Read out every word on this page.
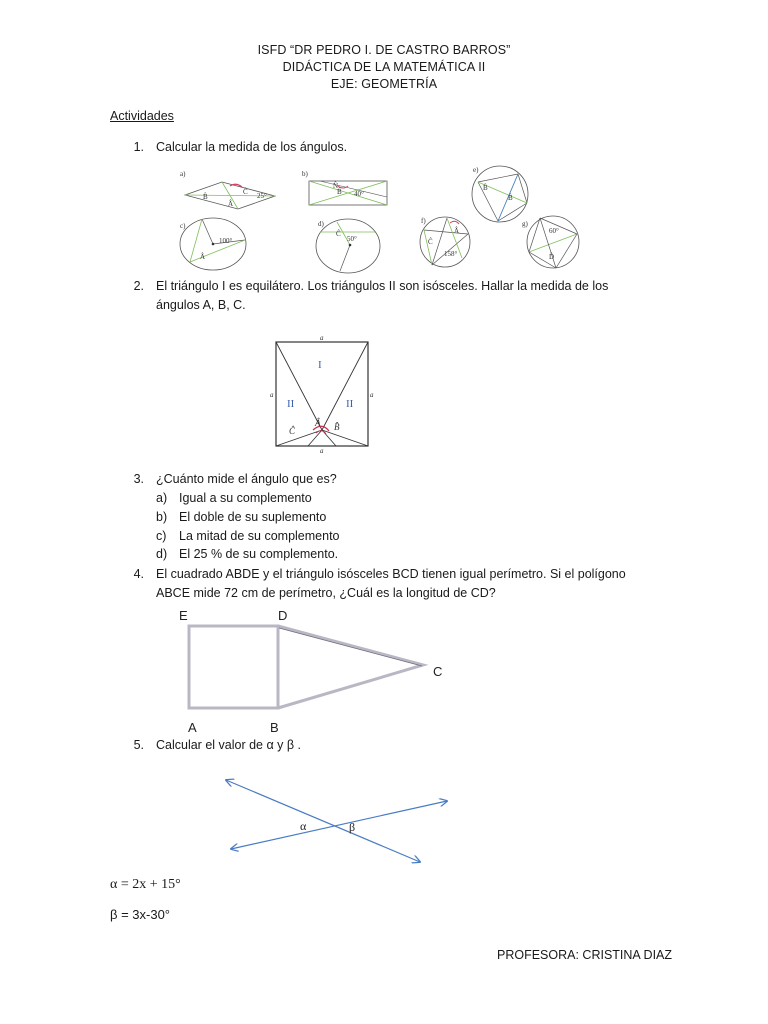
ISFD “DR PEDRO I. DE CASTRO BARROS”
DIDÁCTICA DE LA MATEMÁTICA II
EJE: GEOMETRÍA
Actividades
1. Calcular la medida de los ángulos.
a)
B̂
Â
Ĉ 25°
b)
N̂
B̂ 40°
c)
100°
Â
d)
50°
Ĉ
e)
B̂
B̂
f)
Ĉ
Â
158°
g)
60°
D̂
2. El triángulo I es equilátero. Los triángulos II son isósceles. Hallar la medida de los
ángulos A, B, C.
a
a	a
a
I
II	II
Â B̂
Ĉ
3. ¿Cuánto mide el ángulo que es?
a) Igual a su complemento
b) El doble de su suplemento
c) La mitad de su complemento
d) El 25 % de su complemento.
4. El cuadrado ABDE y el triángulo isósceles BCD tienen igual perímetro. Si el polígono
ABCE mide 72 cm de perímetro, ¿Cuál es la longitud de CD?
E	D
C
A	B
5. Calcular el valor de α y β .
α	β
α = 2x + 15°
β = 3x-30°
PROFESORA: CRISTINA DIAZ
